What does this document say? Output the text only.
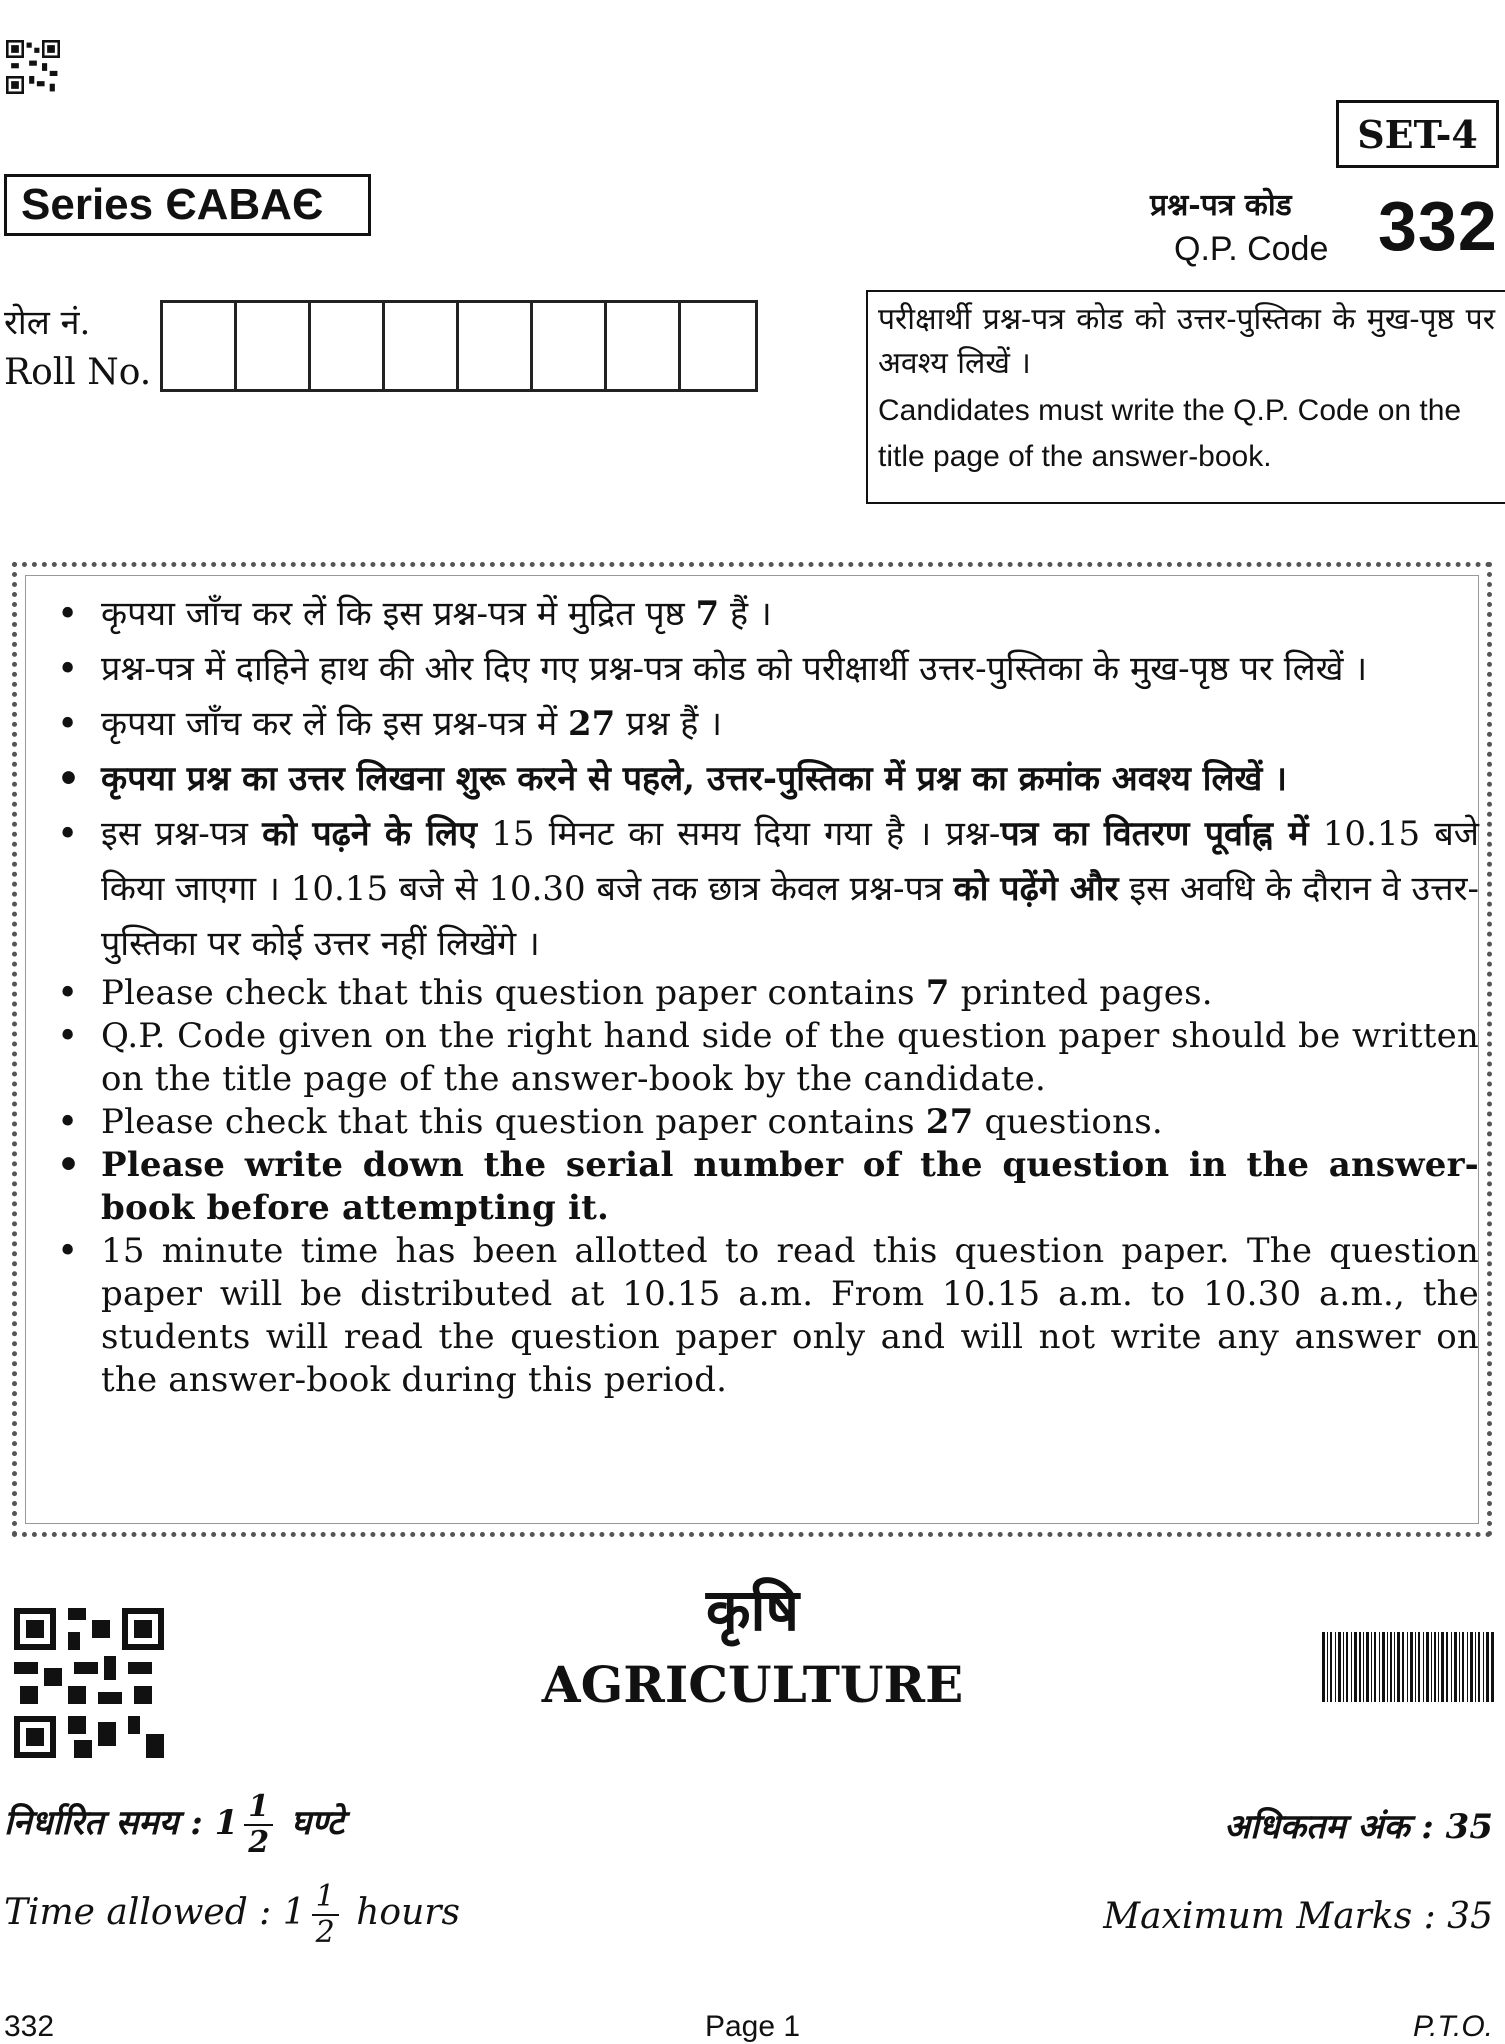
SET-4
Series ЄABAЄ	प्रश्न-पत्र कोड
Q.P. Code 332
रोल नं.
Roll No.
परीक्षार्थी प्रश्न-पत्र कोड को उत्तर-पुस्तिका के मुख-पृष्ठ पर अवश्य लिखें ।
Candidates must write the Q.P. Code on the title page of the answer-book.
• कृपया जाँच कर लें कि इस प्रश्न-पत्र में मुद्रित पृष्ठ 7 हैं ।
• प्रश्न-पत्र में दाहिने हाथ की ओर दिए गए प्रश्न-पत्र कोड को परीक्षार्थी उत्तर-पुस्तिका के मुख-पृष्ठ पर लिखें ।
• कृपया जाँच कर लें कि इस प्रश्न-पत्र में 27 प्रश्न हैं ।
• कृपया प्रश्न का उत्तर लिखना शुरू करने से पहले, उत्तर-पुस्तिका में प्रश्न का क्रमांक अवश्य लिखें ।
• इस प्रश्न-पत्र को पढ़ने के लिए 15 मिनट का समय दिया गया है । प्रश्न-पत्र का वितरण पूर्वाह्न में 10.15 बजे किया जाएगा । 10.15 बजे से 10.30 बजे तक छात्र केवल प्रश्न-पत्र को पढ़ेंगे और इस अवधि के दौरान वे उत्तर-पुस्तिका पर कोई उत्तर नहीं लिखेंगे ।
• Please check that this question paper contains 7 printed pages.
• Q.P. Code given on the right hand side of the question paper should be written on the title page of the answer-book by the candidate.
• Please check that this question paper contains 27 questions.
• Please write down the serial number of the question in the answer-book before attempting it.
• 15 minute time has been allotted to read this question paper. The question paper will be distributed at 10.15 a.m. From 10.15 a.m. to 10.30 a.m., the students will read the question paper only and will not write any answer on the answer-book during this period.
कृषि
AGRICULTURE
निर्धारित समय : $1 \frac{1}{2}$ घण्टे
Time allowed : $1 \frac{1}{2}$ hours
अधिकतम अंक : 35
Maximum Marks : 35
332	Page 1	P.T.O.
